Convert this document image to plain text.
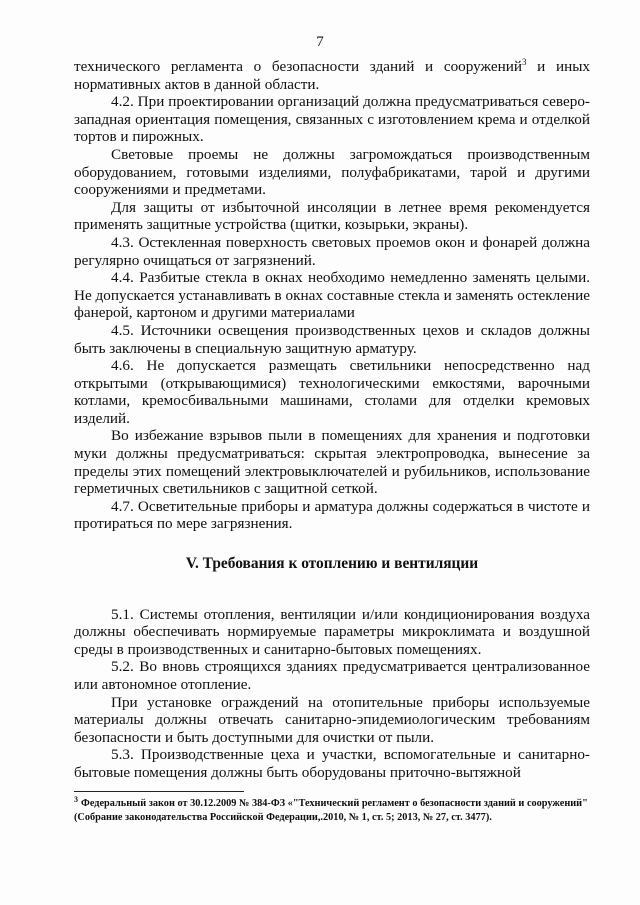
7

технического регламента о безопасности зданий и сооружений$^3$ и иных нормативных актов в данной области.

4.2. При проектировании организаций должна предусматриваться северо-западная ориентация помещения, связанных с изготовлением крема и отделкой тортов и пирожных.

Световые проемы не должны загромождаться производственным оборудованием, готовыми изделиями, полуфабрикатами, тарой и другими сооружениями и предметами.

Для защиты от избыточной инсоляции в летнее время рекомендуется применять защитные устройства (щитки, козырьки, экраны).

4.3. Остекленная поверхность световых проемов окон и фонарей должна регулярно очищаться от загрязнений.

4.4. Разбитые стекла в окнах необходимо немедленно заменять целыми. Не допускается устанавливать в окнах составные стекла и заменять остекление фанерой, картоном и другими материалами

4.5. Источники освещения производственных цехов и складов должны быть заключены в специальную защитную арматуру.

4.6. Не допускается размещать светильники непосредственно над открытыми (открывающимися) технологическими емкостями, варочными котлами, кремосбивальными машинами, столами для отделки кремовых изделий.

Во избежание взрывов пыли в помещениях для хранения и подготовки муки должны предусматриваться: скрытая электропроводка, вынесение за пределы этих помещений электровыключателей и рубильников, использование герметичных светильников с защитной сеткой.

4.7. Осветительные приборы и арматура должны содержаться в чистоте и протираться по мере загрязнения.

V. Требования к отоплению и вентиляции

5.1. Системы отопления, вентиляции и/или кондиционирования воздуха должны обеспечивать нормируемые параметры микроклимата и воздушной среды в производственных и санитарно-бытовых помещениях.

5.2. Во вновь строящихся зданиях предусматривается централизованное или автономное отопление.

При установке ограждений на отопительные приборы используемые материалы должны отвечать санитарно-эпидемиологическим требованиям безопасности и быть доступными для очистки от пыли.

5.3. Производственные цеха и участки, вспомогательные и санитарно-бытовые помещения должны быть оборудованы приточно-вытяжной

$^3$ Федеральный закон от 30.12.2009 № 384-ФЗ «"Технический регламент о безопасности зданий и сооружений" (Собрание законодательства Российской Федерации,.2010, № 1, ст. 5; 2013, № 27, ст. 3477).
